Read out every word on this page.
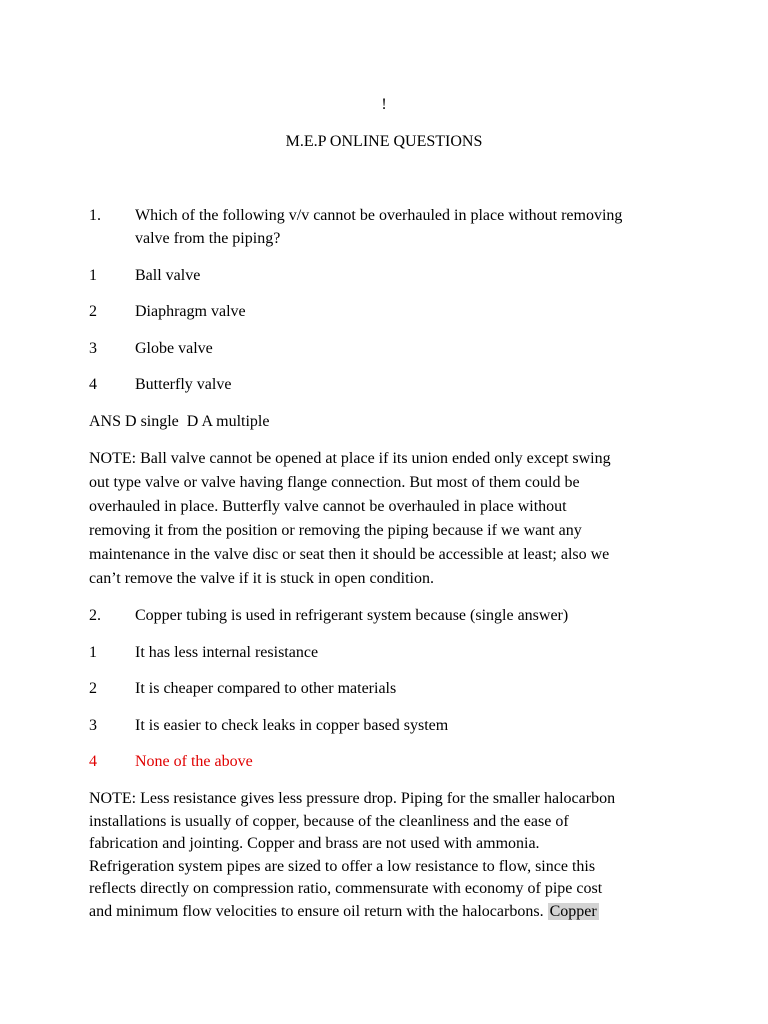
!
M.E.P ONLINE QUESTIONS
1. Which of the following v/v cannot be overhauled in place without removing
valve from the piping?
1 Ball valve
2 Diaphragm valve
3 Globe valve
4 Butterfly valve
ANS D single  D A multiple
NOTE: Ball valve cannot be opened at place if its union ended only except swing
out type valve or valve having flange connection. But most of them could be
overhauled in place. Butterfly valve cannot be overhauled in place without
removing it from the position or removing the piping because if we want any
maintenance in the valve disc or seat then it should be accessible at least; also we
can’t remove the valve if it is stuck in open condition.
2. Copper tubing is used in refrigerant system because (single answer)
1 It has less internal resistance
2 It is cheaper compared to other materials
3 It is easier to check leaks in copper based system
4 None of the above
NOTE: Less resistance gives less pressure drop. Piping for the smaller halocarbon
installations is usually of copper, because of the cleanliness and the ease of
fabrication and jointing. Copper and brass are not used with ammonia.
Refrigeration system pipes are sized to offer a low resistance to flow, since this
reflects directly on compression ratio, commensurate with economy of pipe cost
and minimum flow velocities to ensure oil return with the halocarbons. Copper
